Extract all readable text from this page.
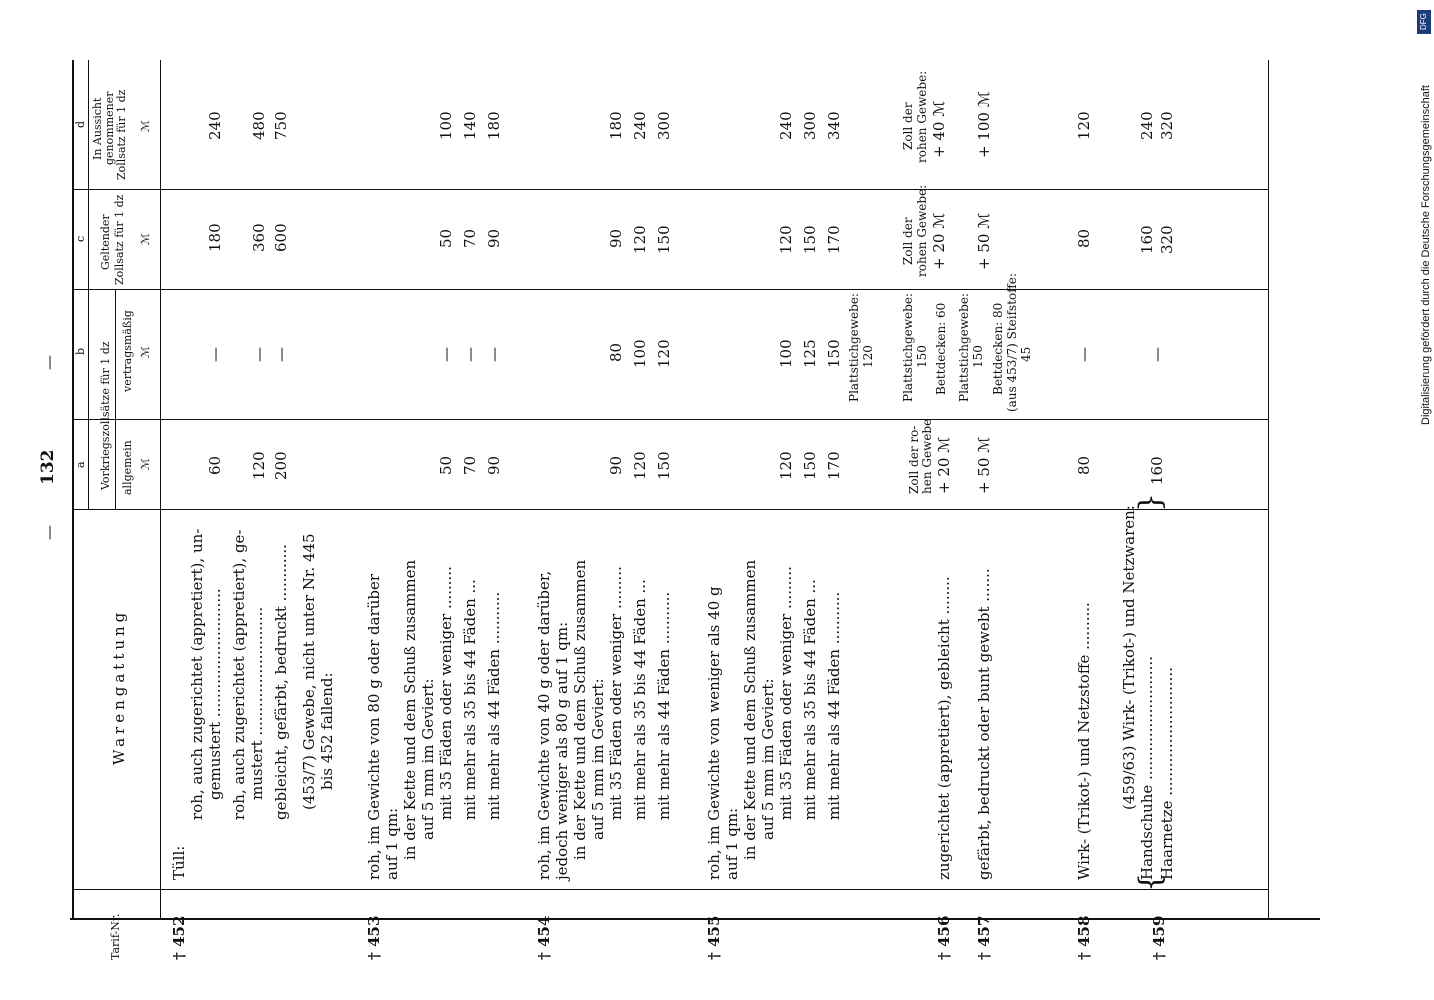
—
132
—
Tarif-Nr.
Warengattung
a
b
c
d
Vorkriegszollsätze für 1 dz allgemein ℳ
vertragsmäßig ℳ
Geltender Zollsatz für 1 dz ℳ
In Aussicht genommener Zollsatz für 1 dz ℳ
† 452
Tüll:
roh, auch zugerichtet (appretiert), un- gemustert ...........................
60
—
180
240
roh, auch zugerichtet (appretiert), ge- mustert ...........................
120
—
360
480
gebleicht, gefärbt, bedruckt ............
200
—
600
750
(453/7) Gewebe, nicht unter Nr. 445 bis 452 fallend:
† 453
roh, im Gewichte von 80 g oder darüber auf 1 qm: in der Kette und dem Schuß zusammen auf 5 mm im Geviert: mit 35 Fäden oder weniger .........
50
—
50
100
mit mehr als 35 bis 44 Fäden ...
70
—
70
140
mit mehr als 44 Fäden ...........
90
—
90
180
† 454
roh, im Gewichte von 40 g oder darüber, jedoch weniger als 80 g auf 1 qm: in der Kette und dem Schuß zusammen auf 5 mm im Geviert: mit 35 Fäden oder weniger .........
90
80
90
180
mit mehr als 35 bis 44 Fäden ...
120
100
120
240
mit mehr als 44 Fäden ...........
150
120
150
300
† 455
roh, im Gewichte von weniger als 40 g auf 1 qm: in der Kette und dem Schuß zusammen auf 5 mm im Geviert: mit 35 Fäden oder weniger .........
120
100
120
240
mit mehr als 35 bis 44 Fäden ...
150
125
150
300
mit mehr als 44 Fäden ...........
170
150
170
340
Plattstichgewebe: 120
† 456
zugerichtet (appretiert), gebleicht ........
Zoll der ro- hen Gewebe + 20 ℳ
Plattstichgewebe: 150 Bettdecken: 60
Zoll der rohen Gewebe: + 20 ℳ
Zoll der rohen Gewebe: + 40 ℳ
† 457
gefärbt, bedruckt oder bunt gewebt .......
+ 50 ℳ
Plattstichgewebe: 150 Bettdecken: 80 (aus 453/7) Steifstoffe: 45
+ 50 ℳ
+ 100 ℳ
† 458
Wirk- (Trikot-) und Netzstoffe ..........
80
—
80
120
(459/63) Wirk- (Trikot-) und Netzwaren:
† 459
{
Handschuhe .......................... Haarnetze ...........................
}
160
—
160 320
240 320
DFG
Digitalisierung gefördert durch die Deutsche Forschungsgemeinschaft
